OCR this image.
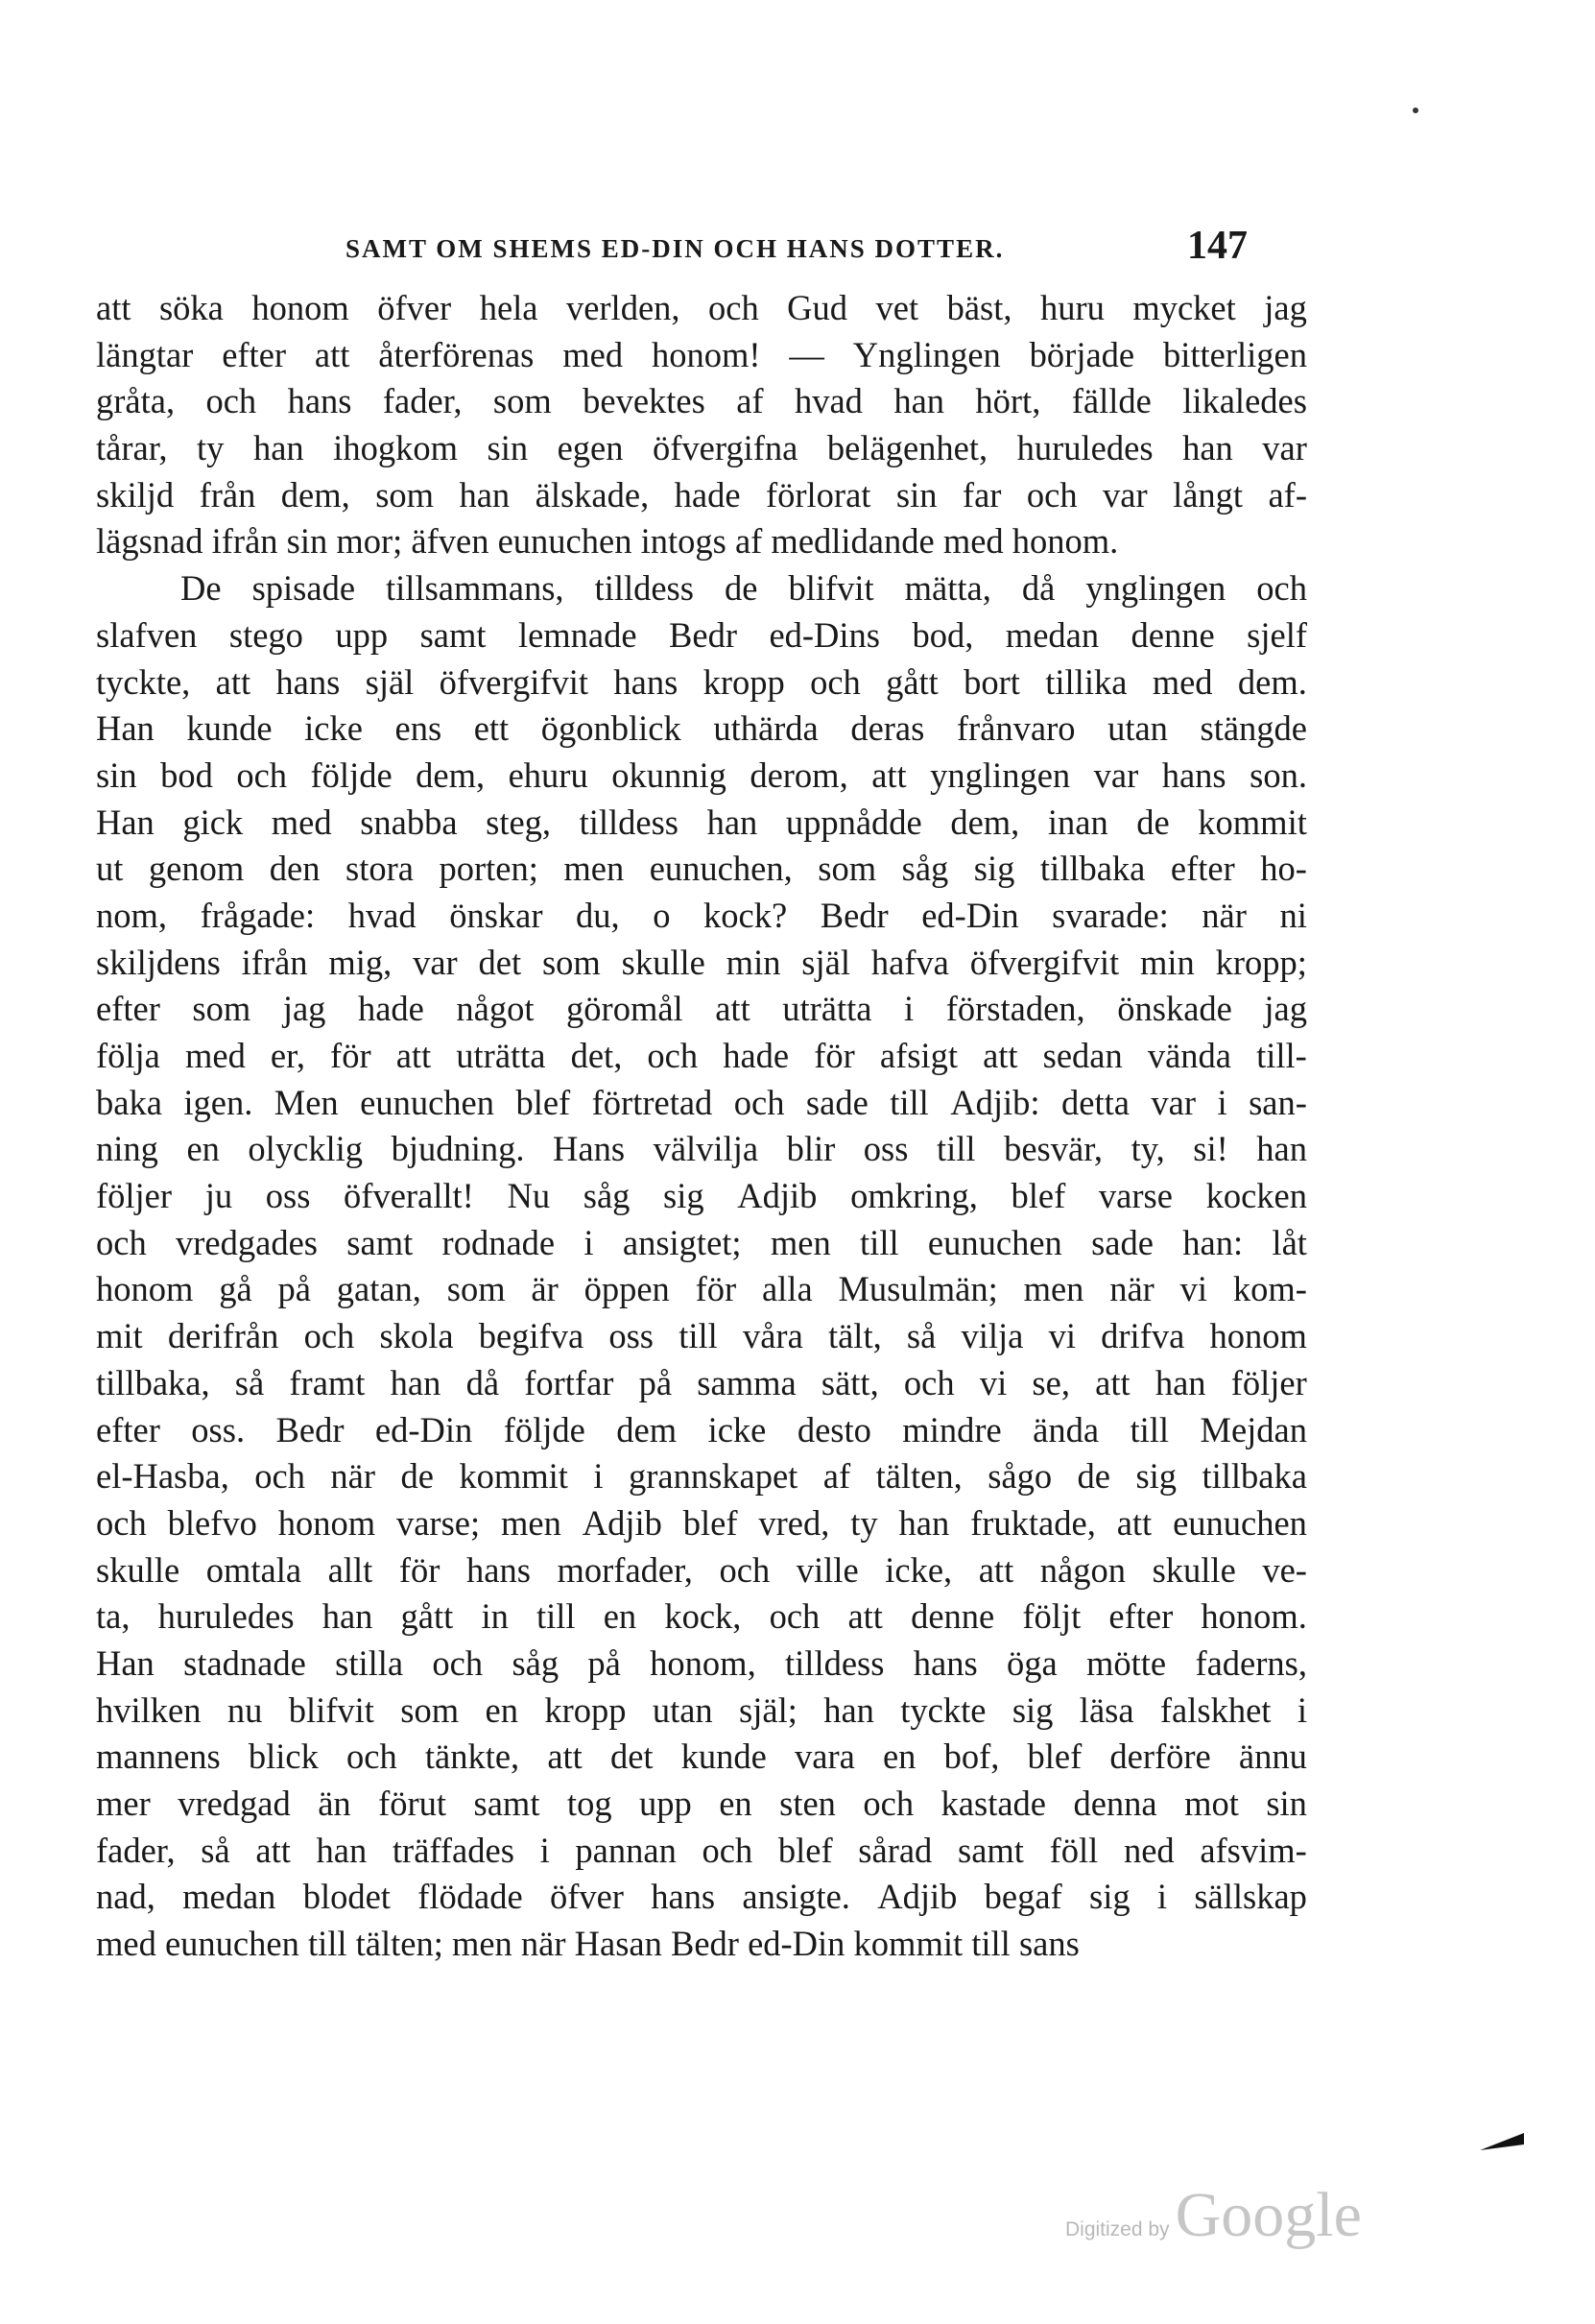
SAMT OM SHEMS ED-DIN OCH HANS DOTTER.	147
att söka honom öfver hela verlden, och Gud vet bäst, huru mycket jag
längtar efter att återförenas med honom! — Ynglingen började bitterligen
gråta, och hans fader, som bevektes af hvad han hört, fällde likaledes
tårar, ty han ihogkom sin egen öfvergifna belägenhet, huruledes han var
skiljd från dem, som han älskade, hade förlorat sin far och var långt af-
lägsnad ifrån sin mor; äfven eunuchen intogs af medlidande med honom.
De spisade tillsammans, tilldess de blifvit mätta, då ynglingen och
slafven stego upp samt lemnade Bedr ed-Dins bod, medan denne sjelf
tyckte, att hans själ öfvergifvit hans kropp och gått bort tillika med dem.
Han kunde icke ens ett ögonblick uthärda deras frånvaro utan stängde
sin bod och följde dem, ehuru okunnig derom, att ynglingen var hans son.
Han gick med snabba steg, tilldess han uppnådde dem, inan de kommit
ut genom den stora porten; men eunuchen, som såg sig tillbaka efter ho-
nom, frågade: hvad önskar du, o kock? Bedr ed-Din svarade: när ni
skiljdens ifrån mig, var det som skulle min själ hafva öfvergifvit min kropp;
efter som jag hade något göromål att uträtta i förstaden, önskade jag
följa med er, för att uträtta det, och hade för afsigt att sedan vända till-
baka igen. Men eunuchen blef förtretad och sade till Adjib: detta var i san-
ning en olycklig bjudning. Hans välvilja blir oss till besvär, ty, si! han
följer ju oss öfverallt! Nu såg sig Adjib omkring, blef varse kocken
och vredgades samt rodnade i ansigtet; men till eunuchen sade han: låt
honom gå på gatan, som är öppen för alla Musulmän; men när vi kom-
mit derifrån och skola begifva oss till våra tält, så vilja vi drifva honom
tillbaka, så framt han då fortfar på samma sätt, och vi se, att han följer
efter oss. Bedr ed-Din följde dem icke desto mindre ända till Mejdan
el-Hasba, och när de kommit i grannskapet af tälten, sågo de sig tillbaka
och blefvo honom varse; men Adjib blef vred, ty han fruktade, att eunuchen
skulle omtala allt för hans morfader, och ville icke, att någon skulle ve-
ta, huruledes han gått in till en kock, och att denne följt efter honom.
Han stadnade stilla och såg på honom, tilldess hans öga mötte faderns,
hvilken nu blifvit som en kropp utan själ; han tyckte sig läsa falskhet i
mannens blick och tänkte, att det kunde vara en bof, blef derföre ännu
mer vredgad än förut samt tog upp en sten och kastade denna mot sin
fader, så att han träffades i pannan och blef sårad samt föll ned afsvim-
nad, medan blodet flödade öfver hans ansigte. Adjib begaf sig i sällskap
med eunuchen till tälten; men när Hasan Bedr ed-Din kommit till sans
Digitized by Google
